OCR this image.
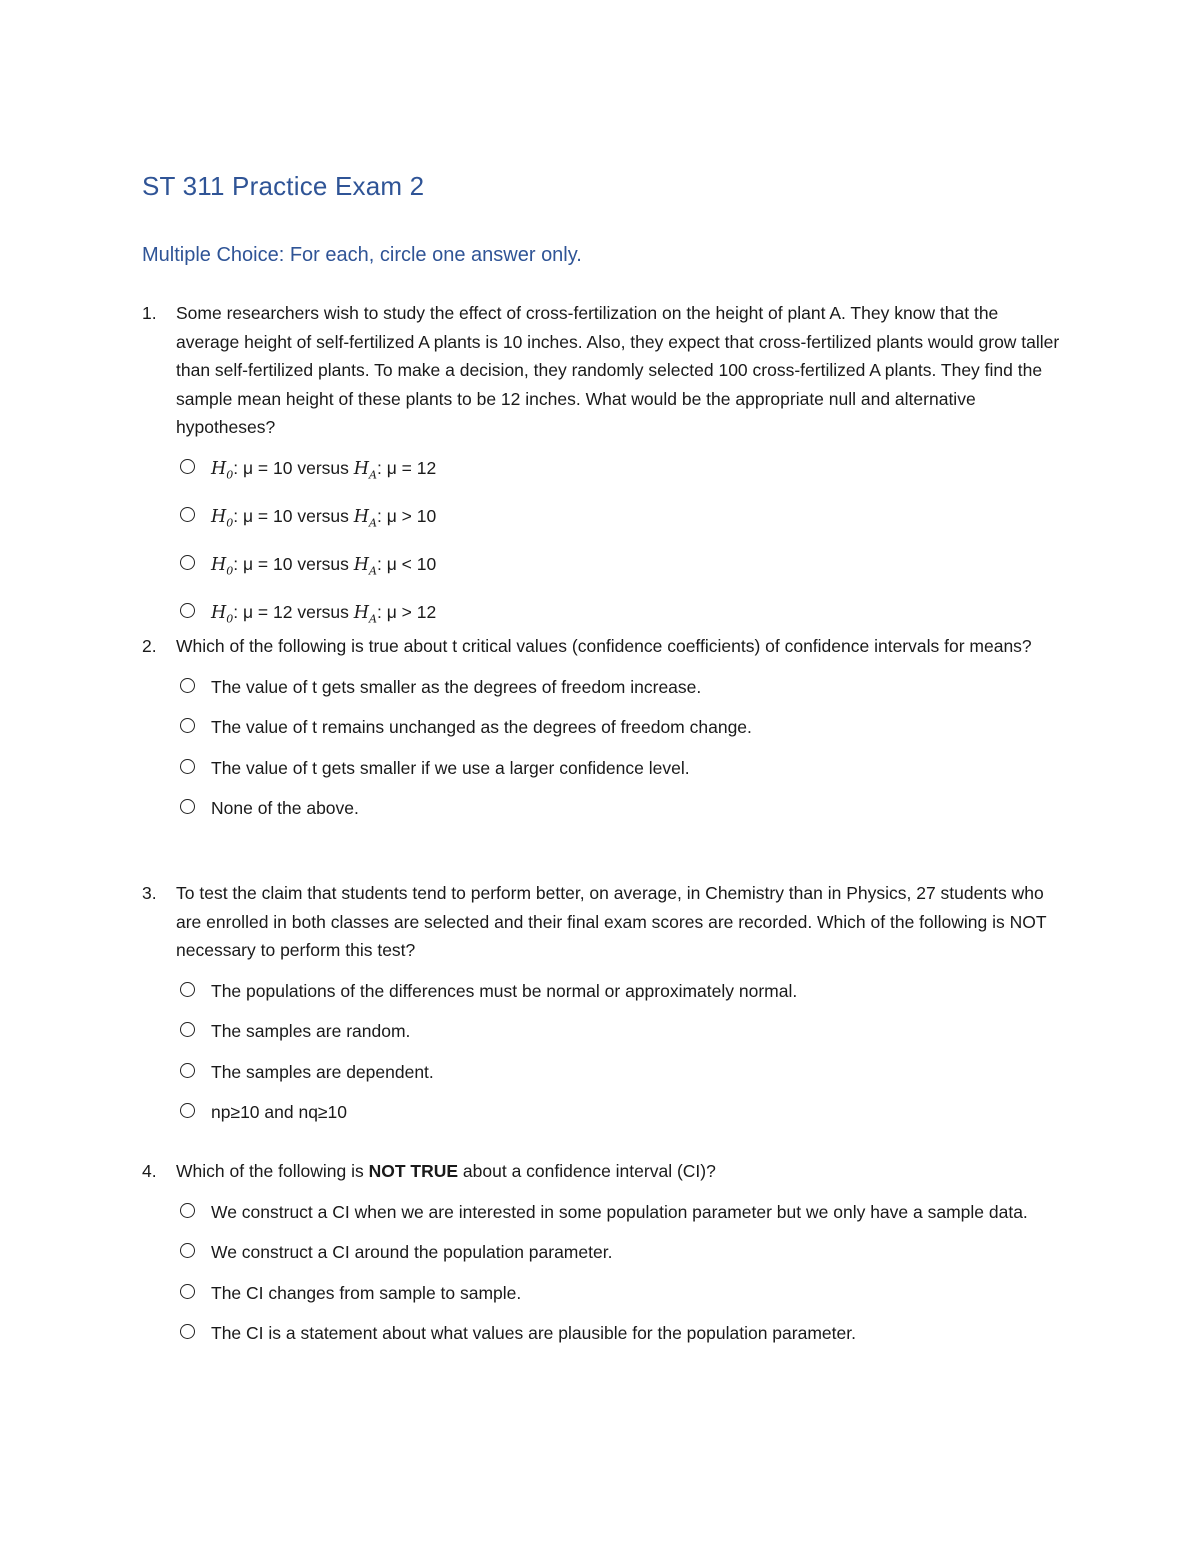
ST 311 Practice Exam 2
Multiple Choice: For each, circle one answer only.
1.	Some researchers wish to study the effect of cross-fertilization on the height of plant A. They know that the average height of self-fertilized A plants is 10 inches. Also, they expect that cross-fertilized plants would grow taller than self-fertilized plants. To make a decision, they randomly selected 100 cross-fertilized A plants. They find the sample mean height of these plants to be 12 inches. What would be the appropriate null and alternative hypotheses?
$H_0$: μ = 10 versus $H_A$: μ = 12
$H_0$: μ = 10 versus $H_A$: μ > 10
$H_0$: μ = 10 versus $H_A$: μ < 10
$H_0$: μ = 12 versus $H_A$: μ > 12
2.	Which of the following is true about t critical values (confidence coefficients) of confidence intervals for means?
The value of t gets smaller as the degrees of freedom increase.
The value of t remains unchanged as the degrees of freedom change.
The value of t gets smaller if we use a larger confidence level.
None of the above.
3.	To test the claim that students tend to perform better, on average, in Chemistry than in Physics, 27 students who are enrolled in both classes are selected and their final exam scores are recorded. Which of the following is NOT necessary to perform this test?
The populations of the differences must be normal or approximately normal.
The samples are random.
The samples are dependent.
np≥10 and nq≥10
4.	Which of the following is NOT TRUE about a confidence interval (CI)?
We construct a CI when we are interested in some population parameter but we only have a sample data.
We construct a CI around the population parameter.
The CI changes from sample to sample.
The CI is a statement about what values are plausible for the population parameter.
